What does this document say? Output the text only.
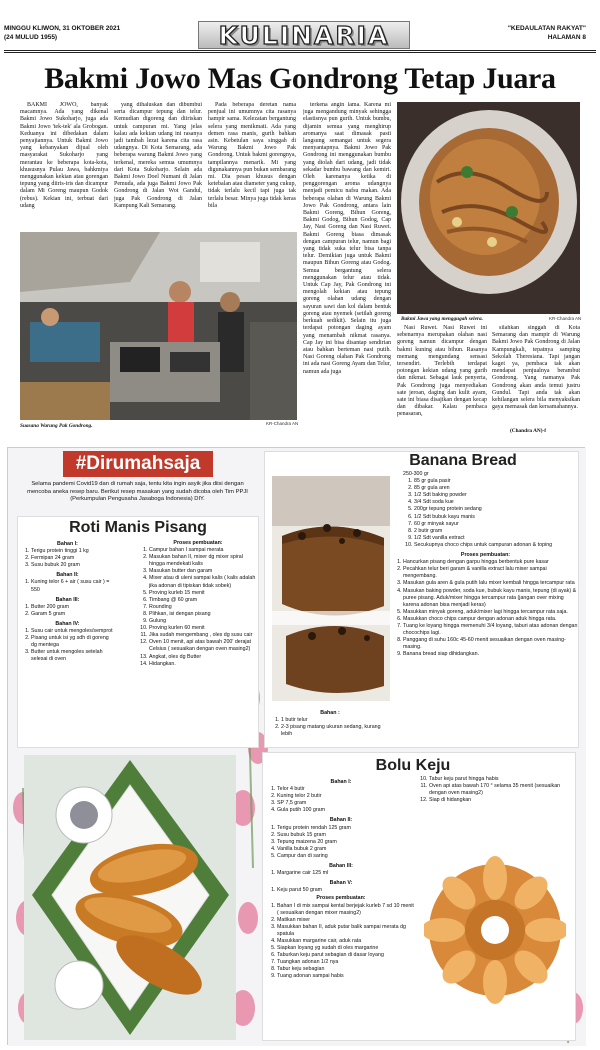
MINGGU KLIWON, 31 OKTOBER 2021
(24 MULUD 1955)	KULINARIA	"KEDAULATAN RAKYAT"
HALAMAN 8
Bakmi Jowo Mas Gondrong Tetap Juara

BAKMI JOWO, banyak macamnya. Ada yang dikenal Bakmi Jowo Sukoharjo, juga ada Bakmi Jowo 'tek-tek' ala Grobogan. Keduanya ini dibedakan dalam penyajiannya. Untuk Bakmi Jowo yang kebanyakan dijual oleh masyarakat Sukoharjo yang merantau ke beberapa kota-kota, khususnya Pulau Jawa, bahkmiya menggunakan kekian atau gorengan tepung yang diiris-iris dan dicampur dalam Mi Goreng maupun Godok (rebus). Kekian ini, terbuat dari udang

yang dihaluskan dan dibumbui serta dicampur tepung dan telur. Kemudian digoreng dan diiriskan untuk campuran mi. Yang jelas kalau ada kekian udang ini rasanya jadi tambah lezat karena cita rasa udangnya. Di Kota Semarang, ada beberapa warung Bakmi Jowo yang terkenal, mereka semua umumnya dari Kota Sukoharjo. Selain ada Bakmi Jowo Doel Numani di Jalan Pemuda, ada juga Bakmi Jowo Pak Gondrong di Jalan Wot Gandul, juga Pak Gondrong di Jalan Kampung Kali Semarang.

Pada beberapa deretan nama penjual ini umumnya cita rasanya hampir sama. Kelezatan bergantung selera yang menikmati. Ada yang demen rasa manis, gurih bahkan asin. Kebetulan saya singgah di Warung Bakmi Jowo Pak Gondrong. Untuk bakmi gorengnya, tampilannya menarik. Mi yang digunakannya pun bukan sembarang mi. Dia pesan khusus dengan ketebalan atau diameter yang cukup, tidak terlalu kecil tapi juga tak terlalu besar. Minya juga tidak keras bila

terkena angin lama. Karena mi juga mengandung minyak sehingga elastisnya pun gurih. Untuk bumbu, dijamin semua yang menghirup aromanya saat dimasak pasti langsung semangat untuk segera menyantapnya. Bakmi Jowo Pak Gondrong ini menggunakan bumbu yang diolah dari udang, jadi tidak sekadar bumbu bawang dan kemiri. Oleh karenanya ketika di penggorengan aroma udangnya menjadi pemicu nafsu makan. Ada beberapa olahan di Warung Bakmi Jowo Pak Gondrong, antara lain Bakmi Goreng, Bihun Goreng, Bakmi Godog, Bihun Godog, Cap Jay, Nasi Goreng dan Nasi Ruwet. Bakmi Goreng biasa dimasak dengan campuran telur, namun bagi yang tidak suka telur bisa tanpa telur. Demikian juga untuk Bakmi maupun Bihun Goreng atau Godog. Semua bergantung selera menggunakan telur atau tidak. Untuk Cap Jay, Pak Gondrong ini mengolah kekian atau tepung goreng olahan udang dengan sayuran sawi dan kol dalam bentuk goreng atau nyemek (setilah goreng berkuah sedikit). Selain itu juga terdapat potongan daging ayam yang menambah nikmat rasanya. Cap Jay ini bisa disantap sendirian atau bahkan berteman nasi putih. Nasi Goreng olahan Pak Gondrong ini ada nasi Goreng Ayam dan Telur, namun ada juga

Nasi Ruwet. Nasi Ruwet ini sebenarnya merupakan olahan nasi goreng namun dicampur dengan bakmi kuning atau bihun. Rasanya memang mengundang sensasi tersendiri. Terlebih terdapat potongan kekian udang yang gurih dan nikmat. Sebagai lauk penyerta, Pak Gondrong juga menyediakan sate jeroan, daging dan kulit ayam, sate ini biasa disajikan dengan kecap dan dibakar. Kalau pembaca penasaran,

silahkan singgah di Kota Semarang dan mampir di Warung Bakmi Jowo Pak Gondrong di Jalan Kampungkali, tepatnya samping Sekolah Theresiana. Tapi jangan kaget ya, pembaca tak akan mendapat penjualnya berambut Gondrong. Yang namanya Pak Gondrong akan anda temui justru Gundul. Tapi anda tak akan kehilangan selera bila menyaksikan gaya memasak dan kersamahannya.

(Chandra AN)-f
Suasana Warung Pak Gondrong.	KR-Chandra AN
Bakmi Jawa yang menggugah selera.	KR-Chandra AN
#Dirumahsaja
Selama pandemi Covid19 dan di rumah saja, tentu kita ingin asyik jika diisi dengan mencoba aneka resep baru. Berikut resep masakan yang sudah dicoba oleh Tim PPJI (Perkumpulan Pengusaha Jasaboga Indonesia) DIY.
Roti Manis Pisang
Bahan I:
1. Terigu protein tinggi 1 kg
2. Fermipan 24 gram
3. Susu bubuk 20 gram
Bahan II:
1. Kuning telor 6 + air ( susu cair ) = 550
Bahan III:
1. Butter 200 gram
2. Garam 5 gram
Bahan IV:
1. Susu cair untuk mengoles/semprot
2. Pisang untuk isi yg sdh di goreng dg mentega
3. Butter untuk mengoles setelah selesai di oven
Proses pembuatan:
1. Campur bahan I sampai merata
2. Masukan bahan II, mixer dg mixer spiral hingga mendekati kalis
3. Masukan butter dan garam
4. Mixer atau di uleni sampai kalis ( kalis adalah jika adonan di tipiskan tidak sobek)
5. Proving kurleb 15 menit
6. Timbang @ 60 gram
7. Rounding
8. Plihkan, isi dengan pisang
9. Gulung
10. Proving kurlen 60 menit
11. Jika sudah mengembang , oles dg susu cair
12. Oven 10 menit, api atas bawah 200' derajat Celsius ( sesuaikan dengan oven masing2)
13. Angkat, oles dg Butter
14. Hidangkan.
Banana Bread
250-300 gr
1. 85 gr gula pasir
2. 85 gr gula aren
3. 1/2 Sdt baking powder
4. 3/4 Sdt soda kue
5. 200gr tepung protein sedang
6. 1/2 Sdt bubuk kayu manis
7. 60 gr minyak sayur
8. 2 butir gram
9. 1/2 Sdt vanilla extract
10. Secukupnya choco chips untuk campuran adonan & toping
Proses pembuatan:
1. Hancurkan pisang dengan garpu hingga berbentuk pure kasar
2. Pecahkan telur beri garam & vanilla extract lalu mixer sampai mengembang.
3. Masukan gula aren & gula putih lalu mixer kembali hingga tercampur rata
4. Masukan baking powder, soda kue, bubuk kayu manis, tepung (di ayak) & puree pisang. Aduk/mixer hingga tercampur rata (jangan over mixing karena adonan bisa menjadi keras)
5. Masukkan minyak goreng, aduk/mixer lagi hingga tercampur rata saja.
6. Masukkan choco chips campur dengan adonan aduk hingga rata.
7. Tuang ke loyang hingga memenuhi 3/4 loyang, taburi atas adonan dengan chocochips lagi.
8. Panggang di suhu 160c 45-60 menit sesuaikan dengan oven masing-masing.
9. Banana bread siap dihidangkan.
Bahan :
1. 1 butir telur
2. 2-3 pisang matang ukuran sedang, kurang lebih
Bolu Keju
Bahan I:
1. Telor 4 butir
2. Kuning telor 2 butir
3. SP 7,5 gram
4. Gula putih 100 gram
Bahan II:
1. Terigu protein rendah 125 gram
2. Susu bubuk 15 gram
3. Tepung maizena 20 gram
4. Vanilla bubuk 2 gram
5. Campur dan di saring
Bahan III:
1. Margarine cair 125 ml
Bahan V:
1. Keju parut 50 gram
Proses pembuatan:
1. Bahan I di mix sampai kental berjejak kurleb 7 sd 10 menit ( sesuaikan dengan mixer masing2)
2. Matikan mixer
3. Masukkan bahan II, aduk putar balik sampai merata dg spatula
4. Masukkan margarine cair, aduk rata
5. Siapkan loyang yg sudah di oles margarine
6. Taburkan keju parut sebagian di dasar loyang
7. Tuangkan adonan 1/2 nya
8. Tabur keju sebagian
9. Tuang adonan sampai habis
10. Tabur keju parut hingga habis
11. Oven api atas bawah 170 ° selama 35 menit (sesuaikan dengan oven masing2)
12. Siap di hidangkan
